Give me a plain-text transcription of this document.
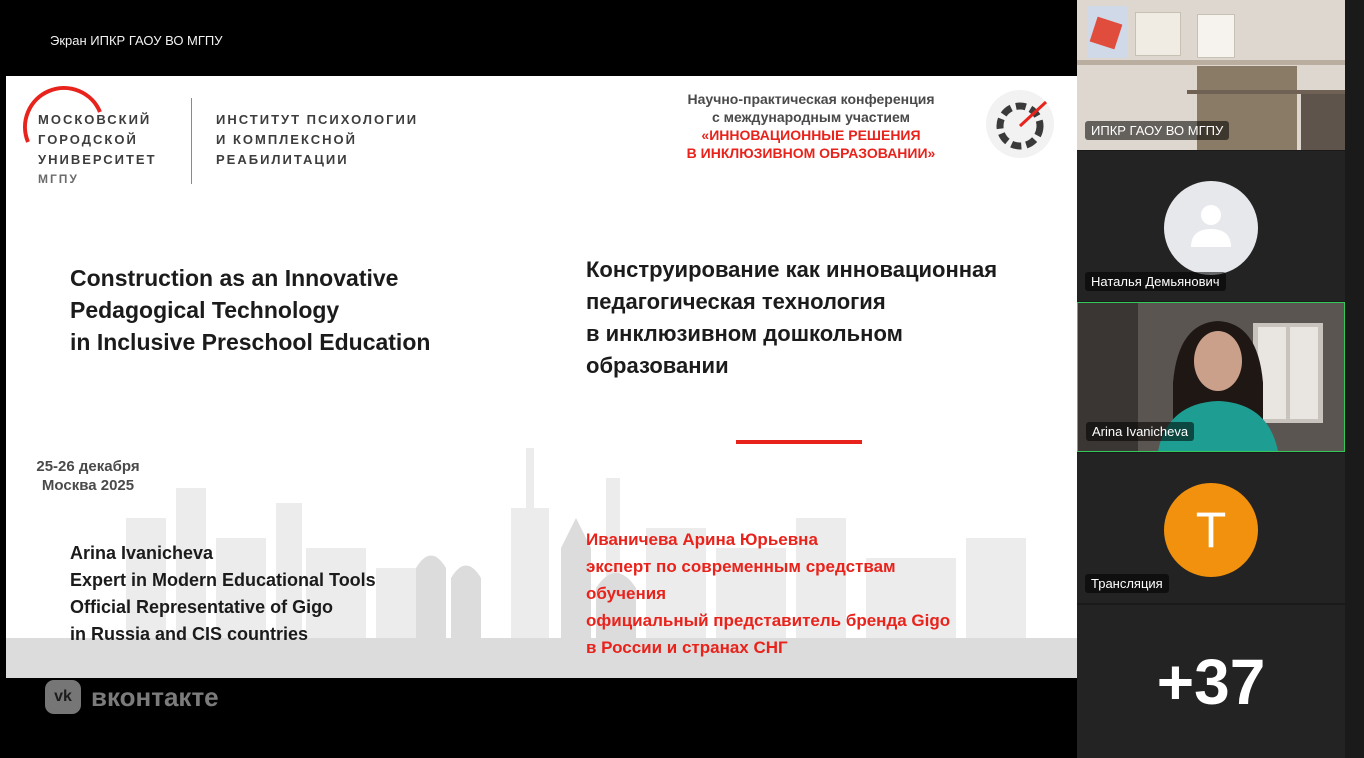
Экран ИПКР ГАОУ ВО МГПУ
МОСКОВСКИЙ
ГОРОДСКОЙ
УНИВЕРСИТЕТ
МГПУ
ИНСТИТУТ ПСИХОЛОГИИ
И КОМПЛЕКСНОЙ
РЕАБИЛИТАЦИИ
Научно-практическая конференция
с международным участием
«ИННОВАЦИОННЫЕ РЕШЕНИЯ
В ИНКЛЮЗИВНОМ ОБРАЗОВАНИИ»
Construction as an Innovative
Pedagogical Technology
in Inclusive Preschool Education
Конструирование как инновационная
педагогическая технология
в инклюзивном дошкольном
образовании
25-26 декабря
Москва 2025
Arina Ivanicheva
Expert in Modern Educational Tools
Official Representative of Gigo
in Russia and CIS countries
Иваничева Арина Юрьевна
эксперт по современным средствам
обучения
официальный представитель бренда Gigo
в России и странах СНГ
vk вконтакте
ИПКР ГАОУ ВО МГПУ
Наталья Демьянович
Arina Ivanicheva
T
Трансляция
+37
